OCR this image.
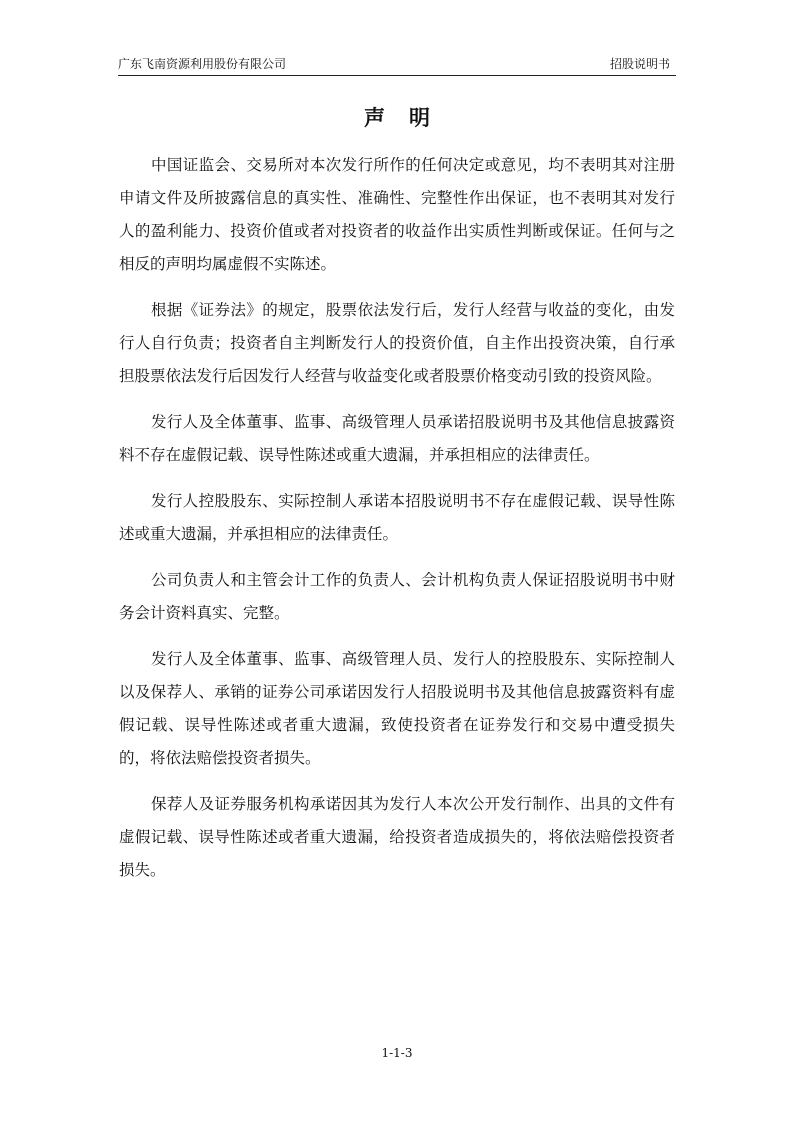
广东飞南资源利用股份有限公司	招股说明书
声明

中国证监会、交易所对本次发行所作的任何决定或意见，均不表明其对注册申请文件及所披露信息的真实性、准确性、完整性作出保证，也不表明其对发行人的盈利能力、投资价值或者对投资者的收益作出实质性判断或保证。任何与之相反的声明均属虚假不实陈述。

根据《证券法》的规定，股票依法发行后，发行人经营与收益的变化，由发行人自行负责；投资者自主判断发行人的投资价值，自主作出投资决策，自行承担股票依法发行后因发行人经营与收益变化或者股票价格变动引致的投资风险。

发行人及全体董事、监事、高级管理人员承诺招股说明书及其他信息披露资料不存在虚假记载、误导性陈述或重大遗漏，并承担相应的法律责任。

发行人控股股东、实际控制人承诺本招股说明书不存在虚假记载、误导性陈述或重大遗漏，并承担相应的法律责任。

公司负责人和主管会计工作的负责人、会计机构负责人保证招股说明书中财务会计资料真实、完整。

发行人及全体董事、监事、高级管理人员、发行人的控股股东、实际控制人以及保荐人、承销的证券公司承诺因发行人招股说明书及其他信息披露资料有虚假记载、误导性陈述或者重大遗漏，致使投资者在证券发行和交易中遭受损失的，将依法赔偿投资者损失。

保荐人及证券服务机构承诺因其为发行人本次公开发行制作、出具的文件有虚假记载、误导性陈述或者重大遗漏，给投资者造成损失的，将依法赔偿投资者损失。

1-1-3
